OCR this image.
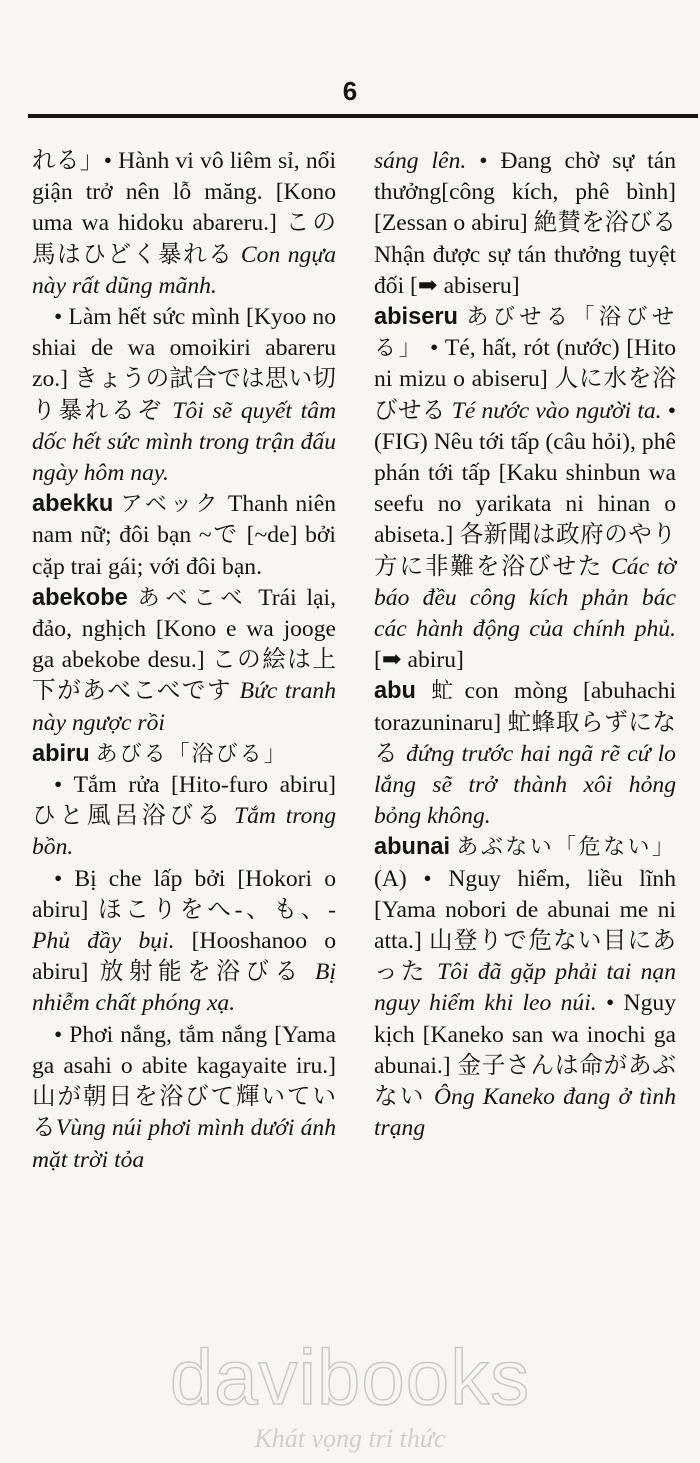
6

れる」• Hành vi vô liêm sỉ, nổi giận trở nên lỗ măng. [Kono uma wa hidoku abareru.] この馬はひどく暴れる Con ngựa này rất dũng mãnh.

• Làm hết sức mình [Kyoo no shiai de wa omoikiri abareru zo.] きょうの試合では思い切り暴れるぞ Tôi sẽ quyết tâm dốc hết sức mình trong trận đấu ngày hôm nay.

abekku アベック Thanh niên nam nữ; đôi bạn ~で [~de] bởi cặp trai gái; với đôi bạn.

abekobe あべこべ Trái lại, đảo, nghịch [Kono e wa jooge ga abekobe desu.] この絵は上下があべこべです Bức tranh này ngược rồi

abiru あびる「浴びる」

• Tắm rửa [Hito-furo abiru] ひと風呂浴びる Tắm trong bồn.

• Bị che lấp bởi [Hokori o abiru] ほこりをへ-、も、- Phủ đầy bụi. [Hooshanoo o abiru] 放射能を浴びる Bị nhiễm chất phóng xạ.

• Phơi nắng, tắm nắng [Yama ga asahi o abite kagayaite iru.] 山が朝日を浴びて輝いているVùng núi phơi mình dưới ánh mặt trời tỏa

sáng lên. • Đang chờ sự tán thưởng[công kích, phê bình] [Zessan o abiru] 絶賛を浴びる Nhận được sự tán thưởng tuyệt đối [➡ abiseru]

abiseru あびせる「浴びせる」 • Té, hất, rót (nước) [Hito ni mizu o abiseru] 人に水を浴びせる Té nước vào người ta. • (FIG) Nêu tới tấp (câu hỏi), phê phán tới tấp [Kaku shinbun wa seefu no yarikata ni hinan o abiseta.] 各新聞は政府のやり方に非難を浴びせた Các tờ báo đều công kích phản bác các hành động của chính phủ. [➡ abiru]

abu 虻con mòng [abuhachi torazuninaru] 虻蜂取らずになる đứng trước hai ngã rẽ cứ lo lắng sẽ trở thành xôi hỏng bỏng không.

abunai あぶない「危ない」 (A) • Nguy hiểm, liều lĩnh [Yama nobori de abunai me ni atta.] 山登りで危ない目にあった Tôi đã gặp phải tai nạn nguy hiểm khi leo núi. • Nguy kịch [Kaneko san wa inochi ga abunai.] 金子さんは命があぶない Ông Kaneko đang ở tình trạng

davibooks
Khát vọng tri thức
